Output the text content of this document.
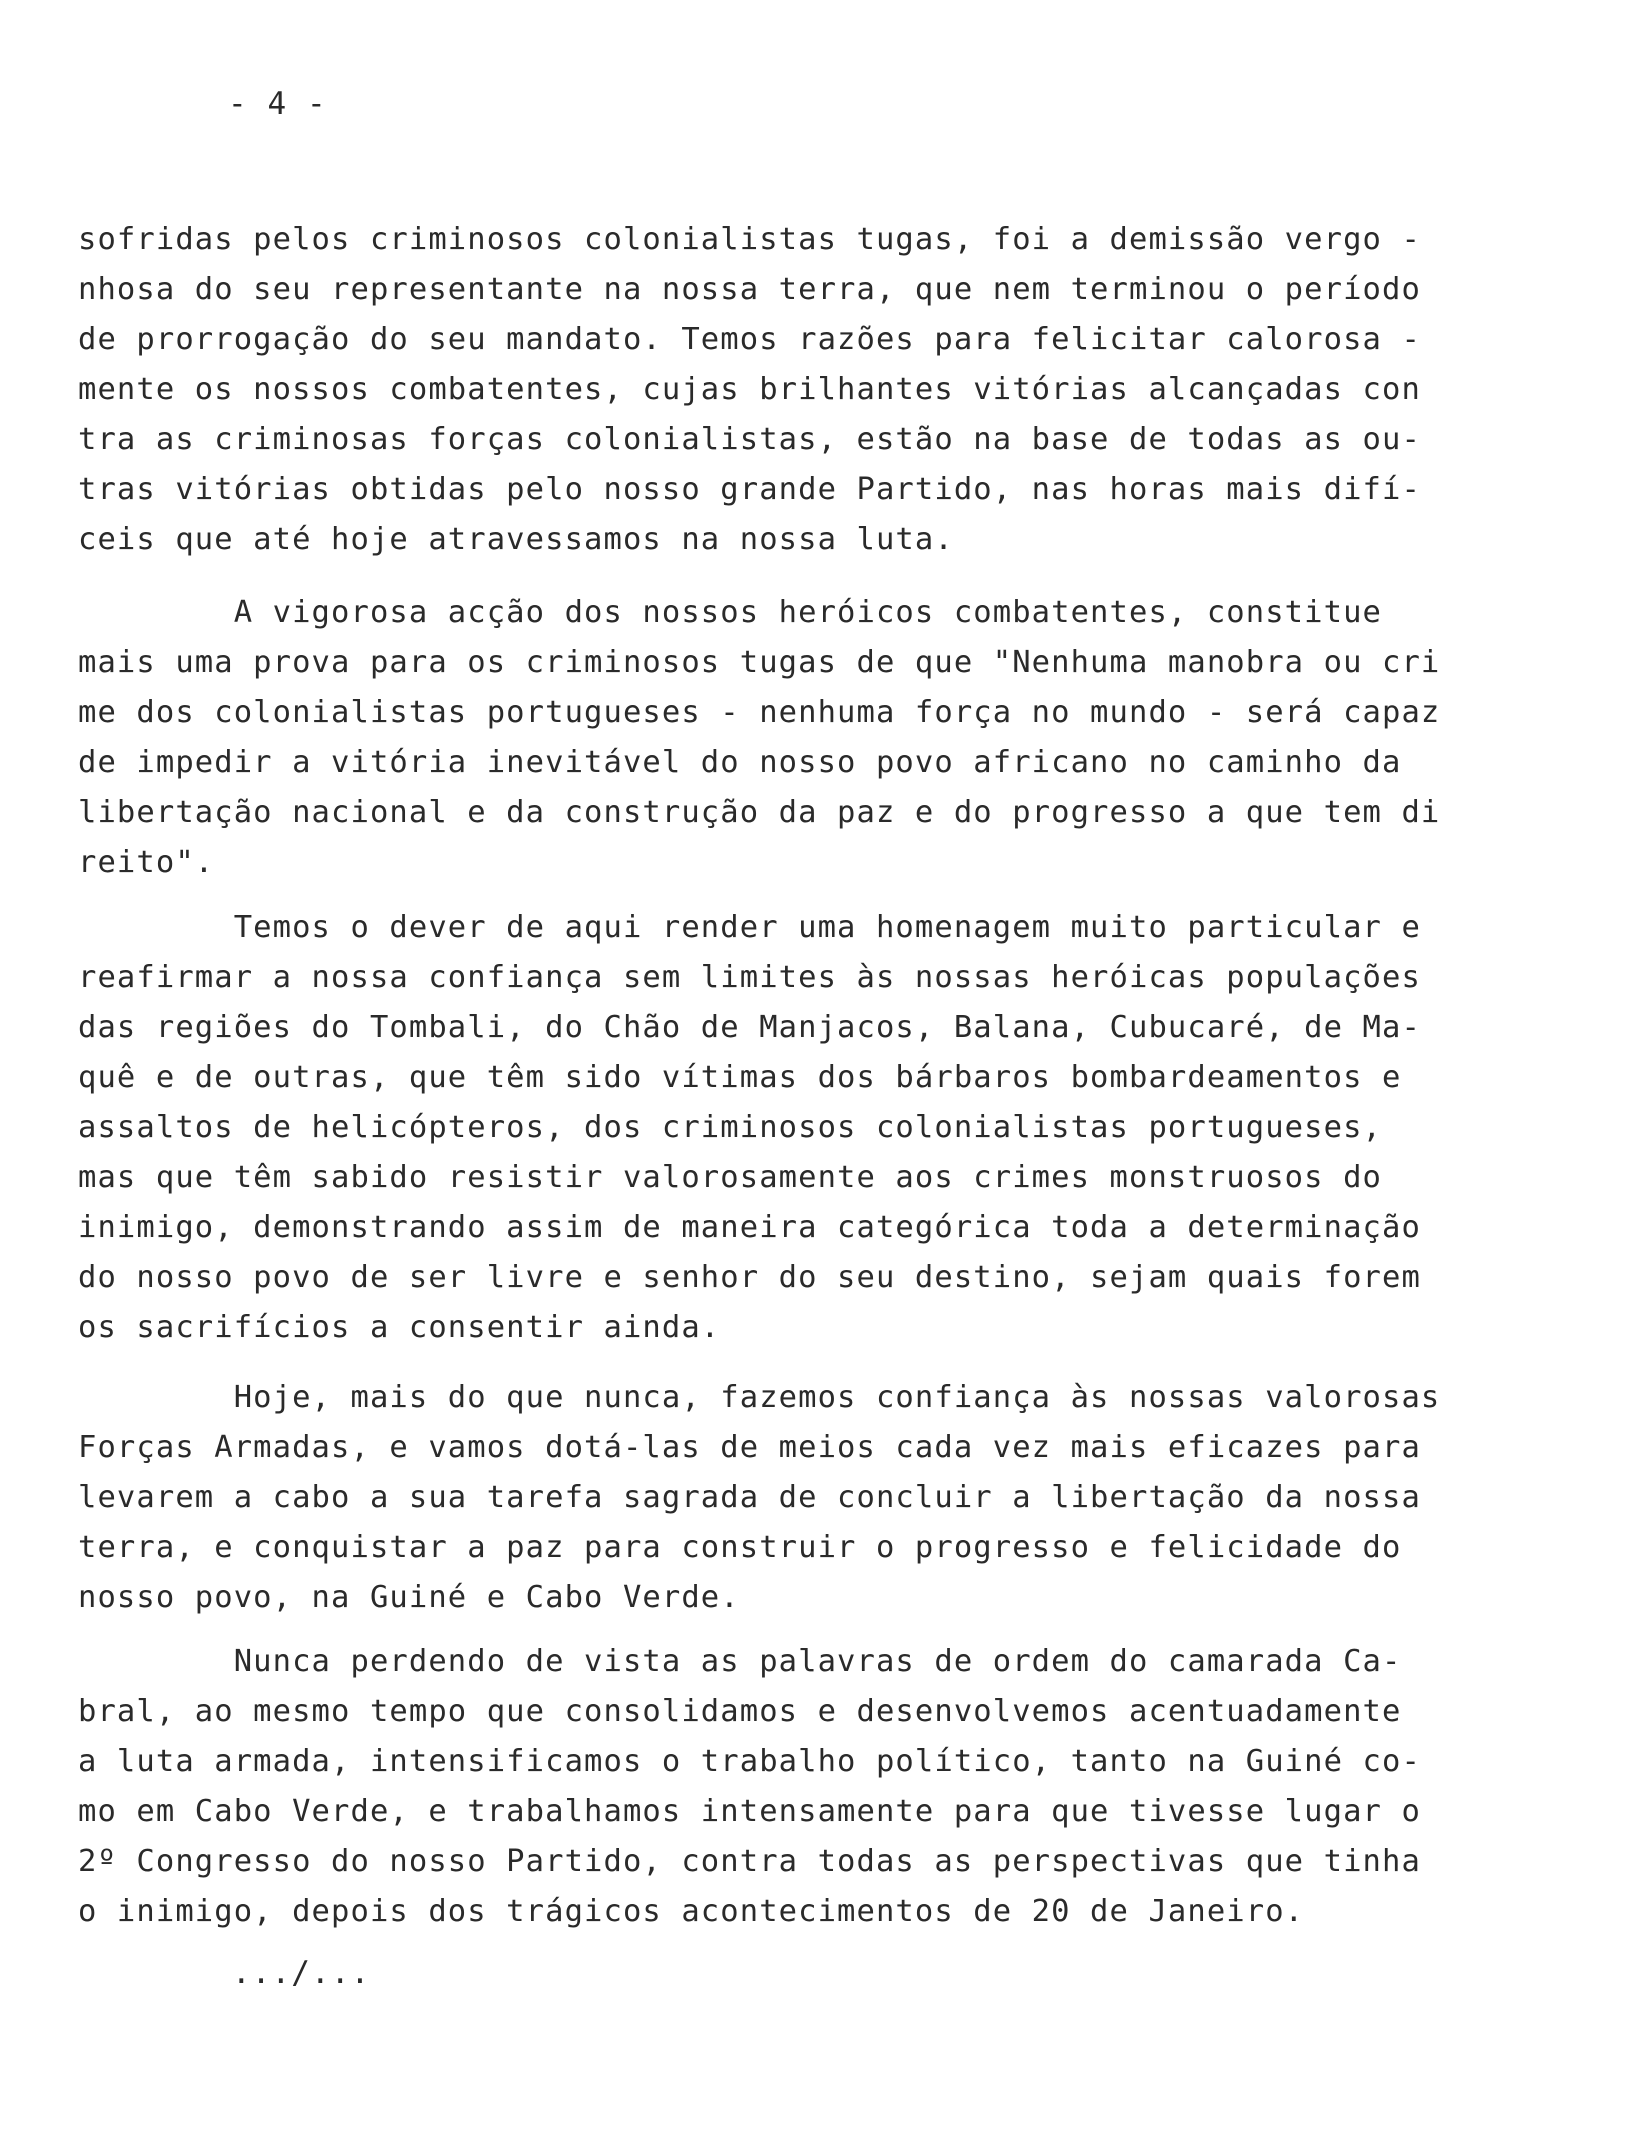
- 4 -
sofridas pelos criminosos colonialistas tugas, foi a demissão vergo -
nhosa do seu representante na nossa terra, que nem terminou o período
de prorrogação do seu mandato. Temos razões para felicitar calorosa -
mente os nossos combatentes, cujas brilhantes vitórias alcançadas con
tra as criminosas forças colonialistas, estão na base de todas as ou-
tras vitórias obtidas pelo nosso grande Partido, nas horas mais difí-
ceis que até hoje atravessamos na nossa luta.
A vigorosa acção dos nossos heróicos combatentes, constitue
mais uma prova para os criminosos tugas de que "Nenhuma manobra ou cri
me dos colonialistas portugueses - nenhuma força no mundo - será capaz
de impedir a vitória inevitável do nosso povo africano no caminho da
libertação nacional e da construção da paz e do progresso a que tem di
reito".
Temos o dever de aqui render uma homenagem muito particular e
reafirmar a nossa confiança sem limites às nossas heróicas populações
das regiões do Tombali, do Chão de Manjacos, Balana, Cubucaré, de Ma-
quê e de outras, que têm sido vítimas dos bárbaros bombardeamentos e
assaltos de helicópteros, dos criminosos colonialistas portugueses,
mas que têm sabido resistir valorosamente aos crimes monstruosos do
inimigo, demonstrando assim de maneira categórica toda a determinação
do nosso povo de ser livre e senhor do seu destino, sejam quais forem
os sacrifícios a consentir ainda.
Hoje, mais do que nunca, fazemos confiança às nossas valorosas
Forças Armadas, e vamos dotá-las de meios cada vez mais eficazes para
levarem a cabo a sua tarefa sagrada de concluir a libertação da nossa
terra, e conquistar a paz para construir o progresso e felicidade do
nosso povo, na Guiné e Cabo Verde.
Nunca perdendo de vista as palavras de ordem do camarada Ca-
bral, ao mesmo tempo que consolidamos e desenvolvemos acentuadamente
a luta armada, intensificamos o trabalho político, tanto na Guiné co-
mo em Cabo Verde, e trabalhamos intensamente para que tivesse lugar o
2º Congresso do nosso Partido, contra todas as perspectivas que tinha
o inimigo, depois dos trágicos acontecimentos de 20 de Janeiro.
.../...
